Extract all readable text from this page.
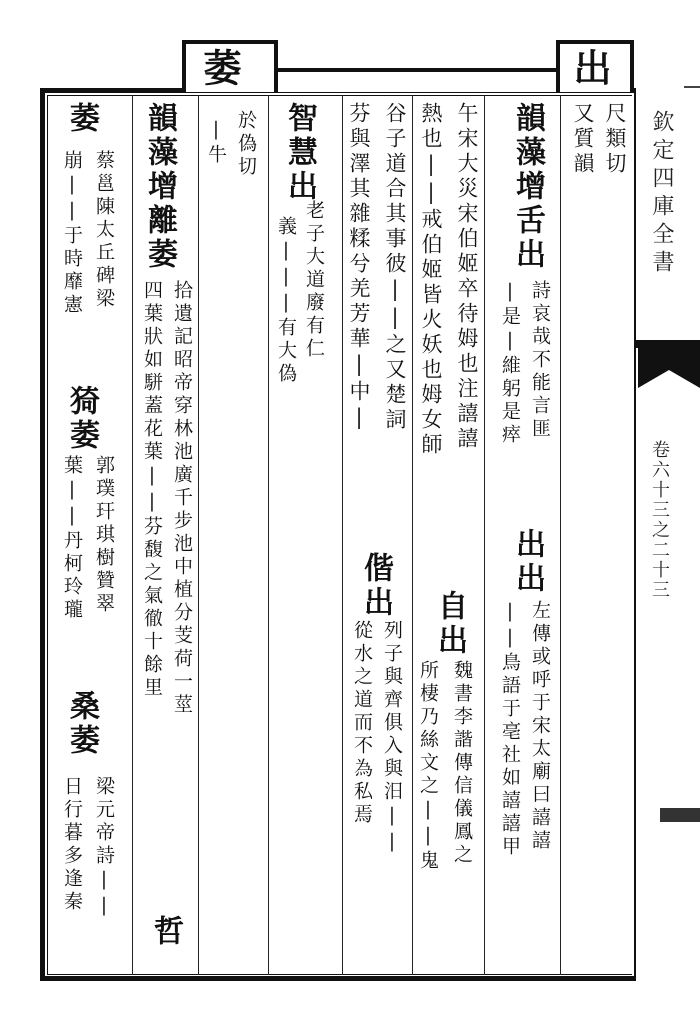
出
萎
尺類切
又質韻
韻藻增舌出
詩哀哉不能言匪
|是|維躬是瘁
出出
左傳或呼于宋太廟曰譆譆
||鳥語于亳社如譆譆甲
午宋大災宋伯姬卒待姆也注譆譆
熱也||戒伯姬皆火妖也姆女師
自出
魏書李諧傳信儀鳳之
所棲乃絲文之||鬼
谷子道合其事彼||之又楚詞
偕出
列子與齊俱入與汨||
芬與澤其雜糅兮羌芳華|中|
從水之道而不為私焉
智慧出
老子大道廢有仁
義|||有大偽
於偽切
|牛
韻藻增離萎
拾遺記昭帝穿林池廣千步池中植分芰荷一莖
四葉狀如駢蓋花葉||芬馥之氣徹十餘里
哲
萎
蔡邕陳太丘碑梁
崩||于時靡憲
猗萎
郭璞玕琪樹贊翠
葉||丹柯玲瓏
桑萎
梁元帝詩||
日行暮多逢秦
欽定四庫全書
卷六十三之二十三
